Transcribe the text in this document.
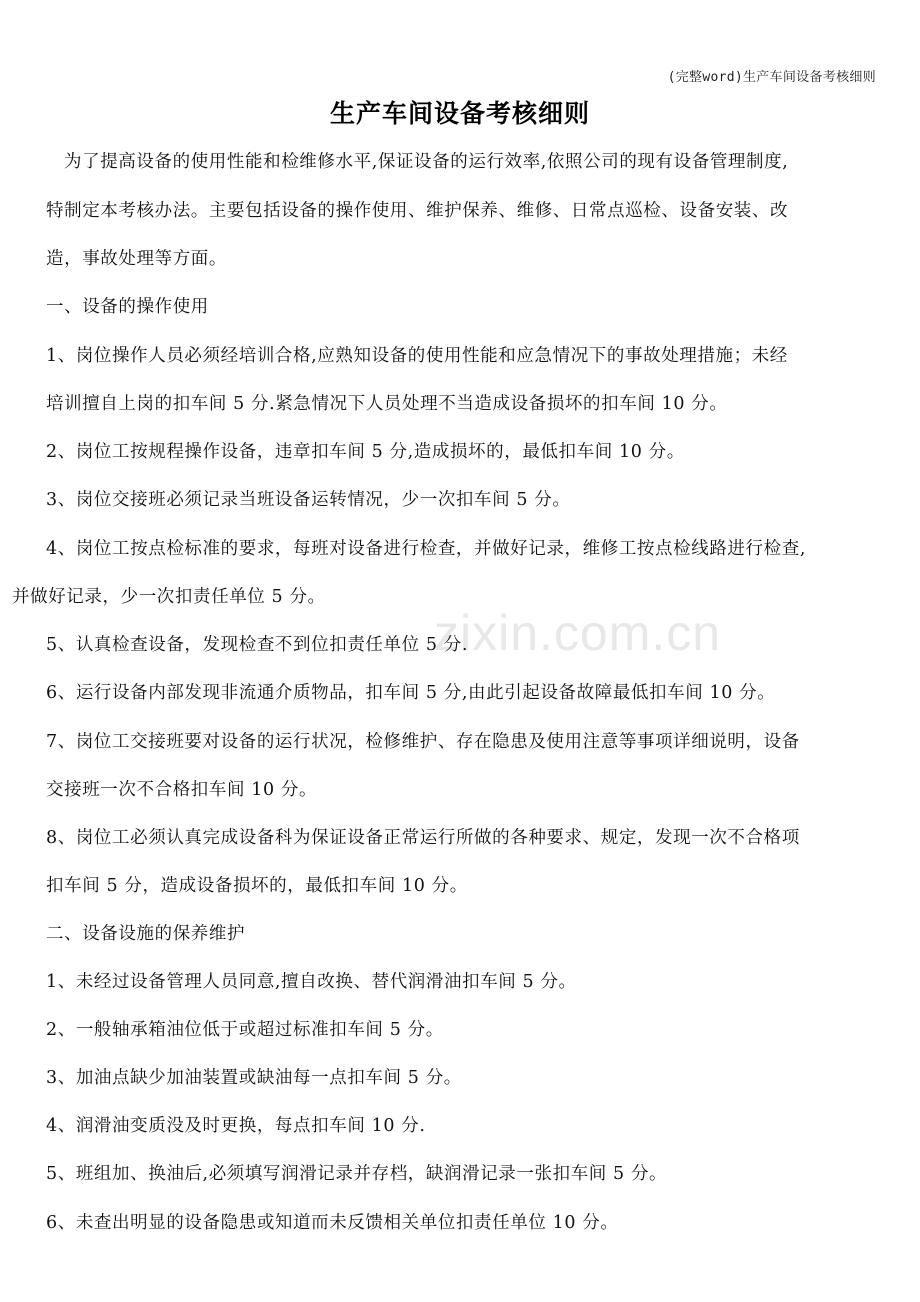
zixin.com.cn
(完整word)生产车间设备考核细则
生产车间设备考核细则
为了提高设备的使用性能和检维修水平,保证设备的运行效率,依照公司的现有设备管理制度,
特制定本考核办法。主要包括设备的操作使用、维护保养、维修、日常点巡检、设备安装、改
造，事故处理等方面。
一、设备的操作使用
1、岗位操作人员必须经培训合格,应熟知设备的使用性能和应急情况下的事故处理措施；未经
培训擅自上岗的扣车间 5 分.紧急情况下人员处理不当造成设备损坏的扣车间 10 分。
2、岗位工按规程操作设备，违章扣车间 5 分,造成损坏的，最低扣车间 10 分。
3、岗位交接班必须记录当班设备运转情况，少一次扣车间 5 分。
4、岗位工按点检标准的要求，每班对设备进行检查，并做好记录，维修工按点检线路进行检查,
并做好记录，少一次扣责任单位 5 分。
5、认真检查设备，发现检查不到位扣责任单位 5 分.
6、运行设备内部发现非流通介质物品，扣车间 5 分,由此引起设备故障最低扣车间 10 分。
7、岗位工交接班要对设备的运行状况，检修维护、存在隐患及使用注意等事项详细说明，设备
交接班一次不合格扣车间 10 分。
8、岗位工必须认真完成设备科为保证设备正常运行所做的各种要求、规定，发现一次不合格项
扣车间 5 分，造成设备损坏的，最低扣车间 10 分。
二、设备设施的保养维护
1、未经过设备管理人员同意,擅自改换、替代润滑油扣车间 5 分。
2、一般轴承箱油位低于或超过标准扣车间 5 分。
3、加油点缺少加油装置或缺油每一点扣车间 5 分。
4、润滑油变质没及时更换，每点扣车间 10 分.
5、班组加、换油后,必须填写润滑记录并存档，缺润滑记录一张扣车间 5 分。
6、未查出明显的设备隐患或知道而未反馈相关单位扣责任单位 10 分。
